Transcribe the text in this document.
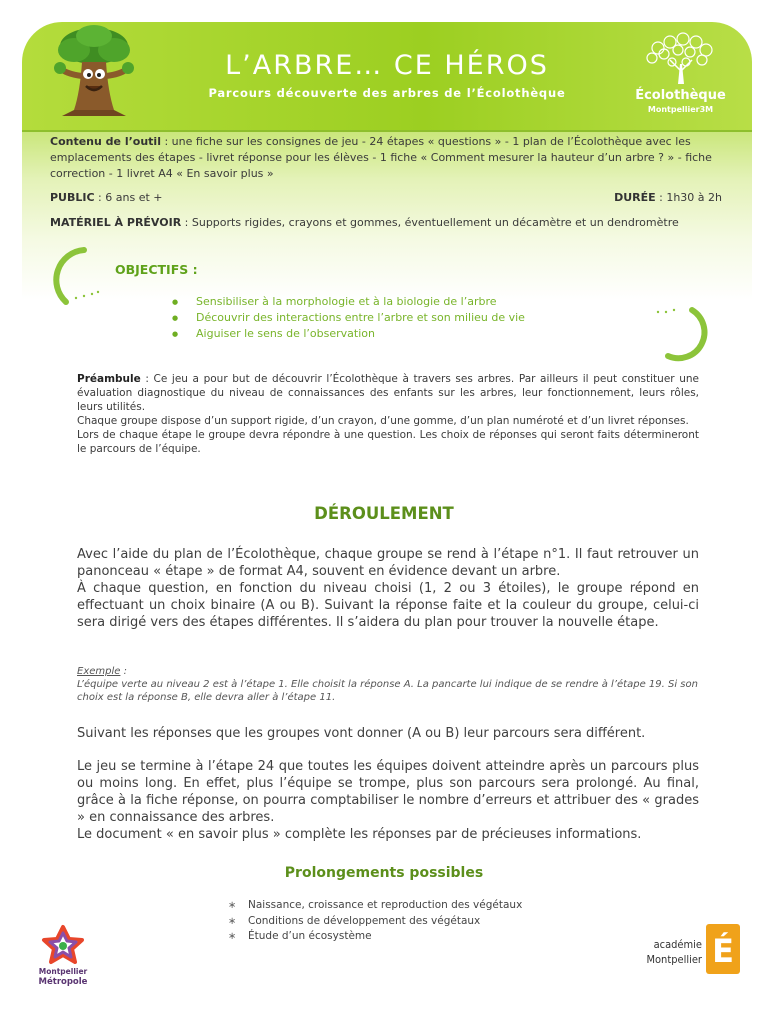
L’ARBRE… CE HÉROS
Parcours découverte des arbres de l’Écolothèque	Écolothèque
Montpellier3M
Contenu de l’outil : une fiche sur les consignes de jeu - 24 étapes « questions » - 1 plan de l’Écolothèque avec les emplacements des étapes - livret réponse pour les élèves - 1 fiche « Comment mesurer la hauteur d’un arbre ? » - fiche correction - 1 livret A4 « En savoir plus »
PUBLIC : 6 ans et +	DURÉE : 1h30 à 2h
MATÉRIEL À PRÉVOIR : Supports rigides, crayons et gommes, éventuellement un décamètre et un dendromètre
OBJECTIFS :
● Sensibiliser à la morphologie et à la biologie de l’arbre
● Découvrir des interactions entre l’arbre et son milieu de vie
● Aiguiser le sens de l’observation
Préambule : Ce jeu a pour but de découvrir l’Écolothèque à travers ses arbres. Par ailleurs il peut constituer une évaluation diagnostique du niveau de connaissances des enfants sur les arbres, leur fonctionnement, leurs rôles, leurs utilités.
Chaque groupe dispose d’un support rigide, d’un crayon, d’une gomme, d’un plan numéroté et d’un livret réponses.
Lors de chaque étape le groupe devra répondre à une question. Les choix de réponses qui seront faits détermineront le parcours de l’équipe.
DÉROULEMENT
Avec l’aide du plan de l’Écolothèque, chaque groupe se rend à l’étape n°1. Il faut retrouver un panonceau « étape » de format A4, souvent en évidence devant un arbre.
À chaque question, en fonction du niveau choisi (1, 2 ou 3 étoiles), le groupe répond en effectuant un choix binaire (A ou B). Suivant la réponse faite et la couleur du groupe, celui-ci sera dirigé vers des étapes différentes. Il s’aidera du plan pour trouver la nouvelle étape.
Exemple :
L’équipe verte au niveau 2 est à l’étape 1. Elle choisit la réponse A. La pancarte lui indique de se rendre à l’étape 19. Si son choix est la réponse B, elle devra aller à l’étape 11.
Suivant les réponses que les groupes vont donner (A ou B) leur parcours sera différent.
Le jeu se termine à l’étape 24 que toutes les équipes doivent atteindre après un parcours plus ou moins long. En effet, plus l’équipe se trompe, plus son parcours sera prolongé. Au final, grâce à la fiche réponse, on pourra comptabiliser le nombre d’erreurs et attribuer des « grades » en connaissance des arbres.
Le document « en savoir plus » complète les réponses par de précieuses informations.
Prolongements possibles
∗ Naissance, croissance et reproduction des végétaux
∗ Conditions de développement des végétaux
∗ Étude d’un écosystème
Montpellier
Métropole
académie
Montpellier É
